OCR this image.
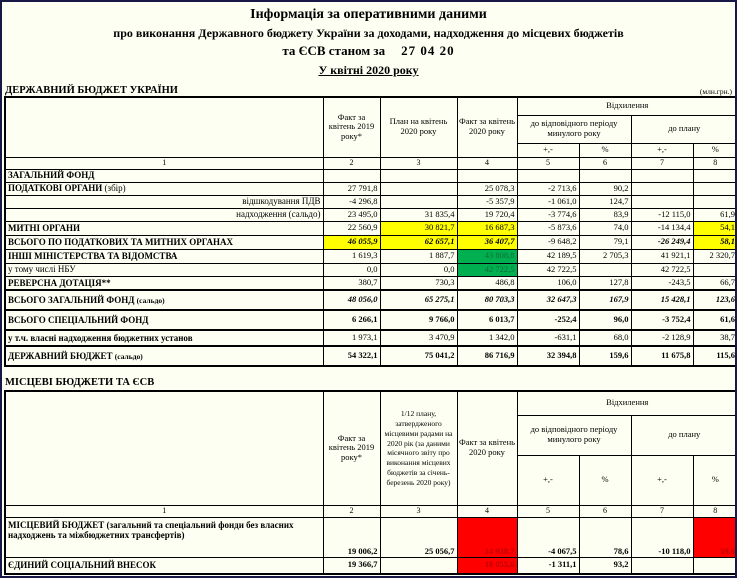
Інформація за оперативними даними
про виконання Державного бюджету України за доходами, надходження до місцевих бюджетів
та ЄСВ станом за 27 04 20
У квітні 2020 року
ДЕРЖАВНИЙ БЮДЖЕТ УКРАЇНИ	(млн.грн.)
	Факт за квітень 2019 року*	План на квітень 2020 року	Факт за квітень 2020 року	Відхилення			
				до відповідного періоду минулого року		до плану	
				+,-	%	+,-	%
1	2	3	4	5	6	7	8
ЗАГАЛЬНИЙ ФОНД							
ПОДАТКОВІ ОРГАНИ (збір)	27 791,8		25 078,3	-2 713,6	90,2		
відшкодування ПДВ	-4 296,8		-5 357,9	-1 061,0	124,7		
надходження (сальдо)	23 495,0	31 835,4	19 720,4	-3 774,6	83,9	-12 115,0	61,9
МИТНІ ОРГАНИ	22 560,9	30 821,7	16 687,3	-5 873,6	74,0	-14 134,4	54,1
ВСЬОГО ПО ПОДАТКОВИХ ТА МИТНИХ ОРГАНАХ	46 055,9	62 657,1	36 407,7	-9 648,2	79,1	-26 249,4	58,1
ІНШІ МІНІСТЕРСТВА ТА ВІДОМСТВА	1 619,3	1 887,7	43 808,8	42 189,5	2 705,3	41 921,1	2 320,7
у тому числі НБУ	0,0	0,0	42 722,5	42 722,5		42 722,5	
РЕВЕРСНА ДОТАЦІЯ**	380,7	730,3	486,8	106,0	127,8	-243,5	66,7
ВСЬОГО ЗАГАЛЬНИЙ ФОНД (сальдо)	48 056,0	65 275,1	80 703,3	32 647,3	167,9	15 428,1	123,6
ВСЬОГО СПЕЦІАЛЬНИЙ ФОНД	6 266,1	9 766,0	6 013,7	-252,4	96,0	-3 752,4	61,6
у т.ч. власні надходження бюджетних установ	1 973,1	3 470,9	1 342,0	-631,1	68,0	-2 128,9	38,7
ДЕРЖАВНИЙ БЮДЖЕТ (сальдо)	54 322,1	75 041,2	86 716,9	32 394,8	159,6	11 675,8	115,6
МІСЦЕВІ БЮДЖЕТИ ТА ЄСВ
	Факт за квітень 2019 року*	1/12 плану, затвердженого місцевими радами на 2020 рік (за даними місячного звіту про виконання місцевих бюджетів за січень-березень 2020 року)	Факт за квітень 2020 року	Відхилення			
				до відповідного періоду минулого року		до плану	
				+,-	%	+,-	%
1	2	3	4	5	6	7	8
МІСЦЕВИЙ БЮДЖЕТ (загальний та спеціальний фонди без власних надходжень та міжбюджетних трансфертів)	19 006,2	25 056,7	14 938,7	-4 067,5	78,6	-10 118,0	59,6
ЄДИНИЙ СОЦІАЛЬНИЙ ВНЕСОК	19 366,7		18 055,6	-1 311,1	93,2		
